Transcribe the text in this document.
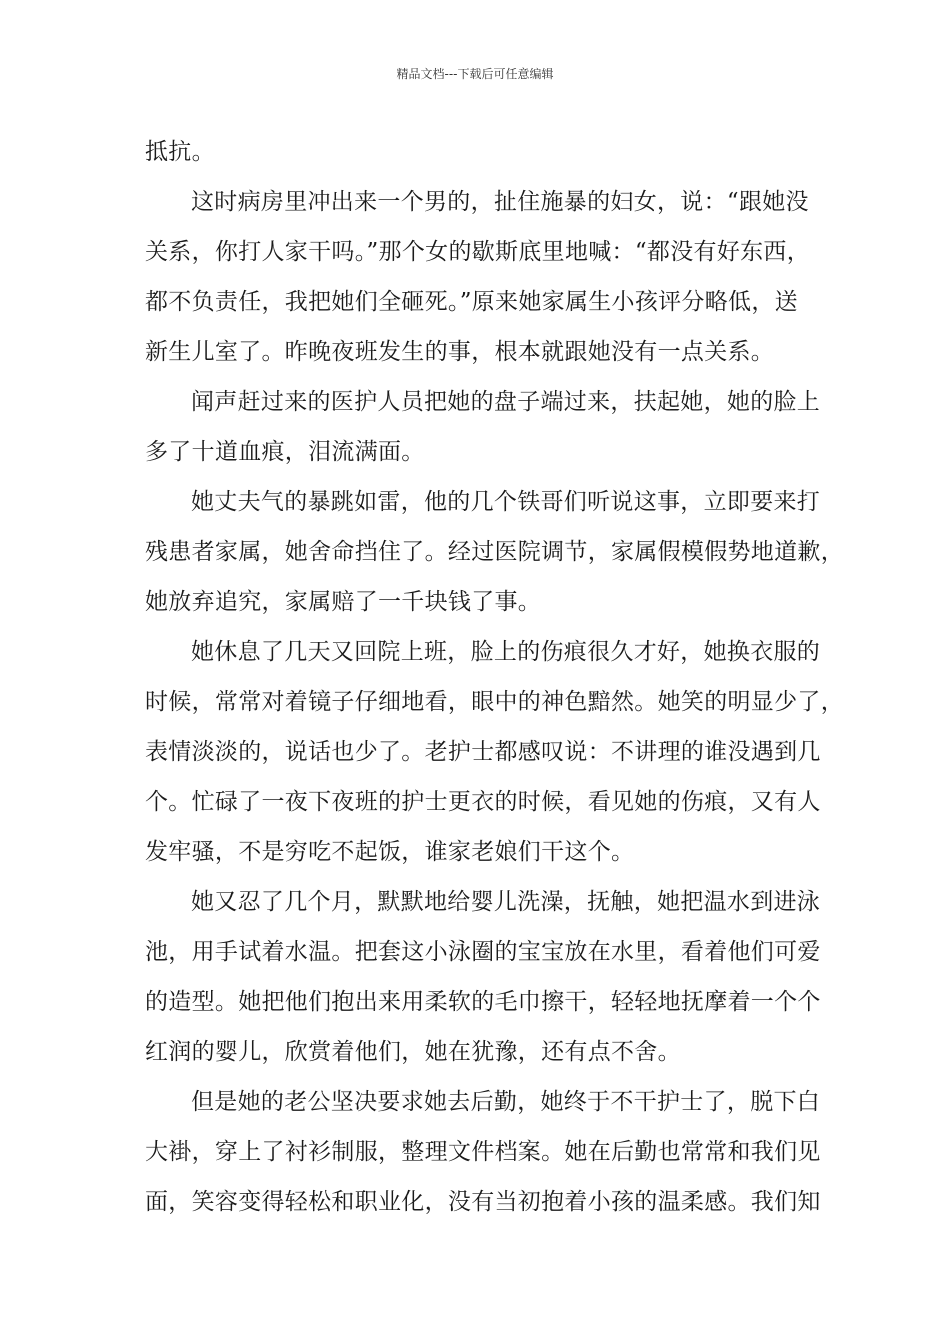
精品文档---下载后可任意编辑
抵抗。
这时病房里冲出来一个男的，扯住施暴的妇女，说：“跟她没
关系，你打人家干吗。”那个女的歇斯底里地喊：“都没有好东西，
都不负责任，我把她们全砸死。”原来她家属生小孩评分略低，送
新生儿室了。昨晚夜班发生的事，根本就跟她没有一点关系。
闻声赶过来的医护人员把她的盘子端过来，扶起她，她的脸上
多了十道血痕，泪流满面。
她丈夫气的暴跳如雷，他的几个铁哥们听说这事，立即要来打
残患者家属，她舍命挡住了。经过医院调节，家属假模假势地道歉，
她放弃追究，家属赔了一千块钱了事。
她休息了几天又回院上班，脸上的伤痕很久才好，她换衣服的
时候，常常对着镜子仔细地看，眼中的神色黯然。她笑的明显少了，
表情淡淡的，说话也少了。老护士都感叹说：不讲理的谁没遇到几
个。忙碌了一夜下夜班的护士更衣的时候，看见她的伤痕，又有人
发牢骚，不是穷吃不起饭，谁家老娘们干这个。
她又忍了几个月，默默地给婴儿洗澡，抚触，她把温水到进泳
池，用手试着水温。把套这小泳圈的宝宝放在水里，看着他们可爱
的造型。她把他们抱出来用柔软的毛巾擦干，轻轻地抚摩着一个个
红润的婴儿，欣赏着他们，她在犹豫，还有点不舍。
但是她的老公坚决要求她去后勤，她终于不干护士了，脱下白
大褂，穿上了衬衫制服，整理文件档案。她在后勤也常常和我们见
面，笑容变得轻松和职业化，没有当初抱着小孩的温柔感。我们知
